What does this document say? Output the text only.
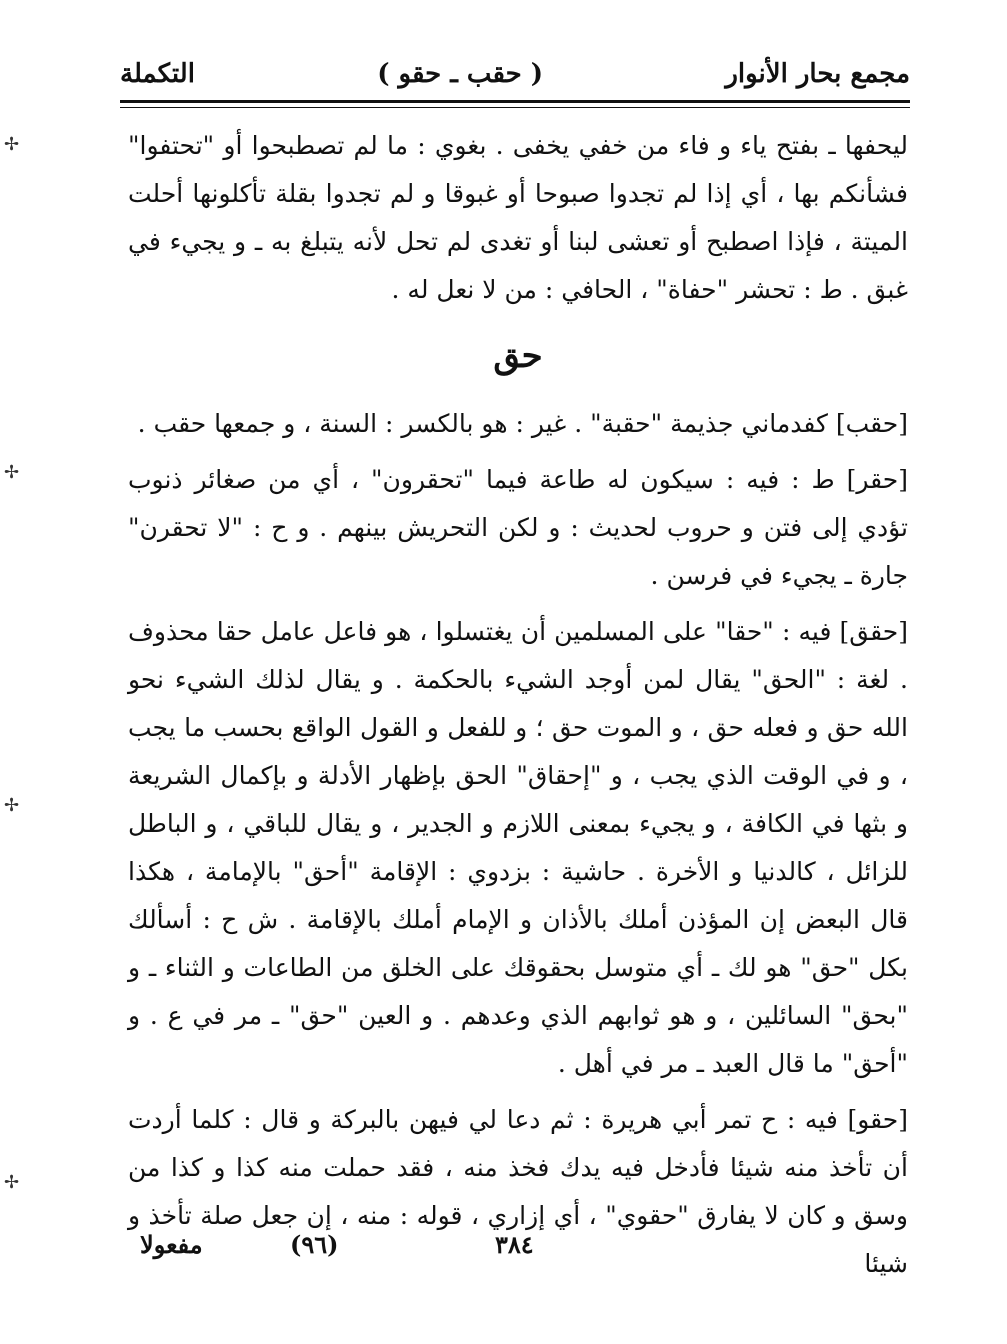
مجمع بحار الأنوار
( حقب ـ حقو )
التكملة

ليحفها ـ بفتح ياء و فاء من خفي يخفى . بغوي : ما لم تصطبحوا أو "تحتفوا" فشأنكم بها ، أي إذا لم تجدوا صبوحا أو غبوقا و لم تجدوا بقلة تأكلونها أحلت الميتة ، فإذا اصطبح أو تعشى لبنا أو تغدى لم تحل لأنه يتبلغ به ـ و يجيء في غبق . ط : تحشر "حفاة" ، الحافي : من لا نعل له .

حق

[حقب] كفدماني جذيمة "حقبة" . غير : هو بالكسر : السنة ، و جمعها حقب .

[حقر] ط : فيه : سيكون له طاعة فيما "تحقرون" ، أي من صغائر ذنوب تؤدي إلى فتن و حروب لحديث : و لكن التحريش بينهم . و ح : "لا تحقرن" جارة ـ يجيء في فرسن .

[حقق] فيه : "حقا" على المسلمين أن يغتسلوا ، هو فاعل عامل حقا محذوف . لغة : "الحق" يقال لمن أوجد الشيء بالحكمة . و يقال لذلك الشيء نحو الله حق و فعله حق ، و الموت حق ؛ و للفعل و القول الواقع بحسب ما يجب ، و في الوقت الذي يجب ، و "إحقاق" الحق بإظهار الأدلة و بإكمال الشريعة و بثها في الكافة ، و يجيء بمعنى اللازم و الجدير ، و يقال للباقي ، و الباطل للزائل ، كالدنيا و الأخرة . حاشية : بزدوي : الإقامة "أحق" بالإمامة ، هكذا قال البعض إن المؤذن أملك بالأذان و الإمام أملك بالإقامة . ش ح : أسألك بكل "حق" هو لك ـ أي متوسل بحقوقك على الخلق من الطاعات و الثناء ـ و "بحق" السائلين ، و هو ثوابهم الذي وعدهم . و العين "حق" ـ مر في ع . و "أحق" ما قال العبد ـ مر في أهل .

[حقو] فيه : ح تمر أبي هريرة : ثم دعا لي فيهن بالبركة و قال : كلما أردت أن تأخذ منه شيئا فأدخل فيه يدك فخذ منه ، فقد حملت منه كذا و كذا من وسق و كان لا يفارق "حقوي" ، أي إزاري ، قوله : منه ، إن جعل صلة تأخذ و شيئا

مفعولا	(٩٦)	٣٨٤
✢
✢
✢
✢
